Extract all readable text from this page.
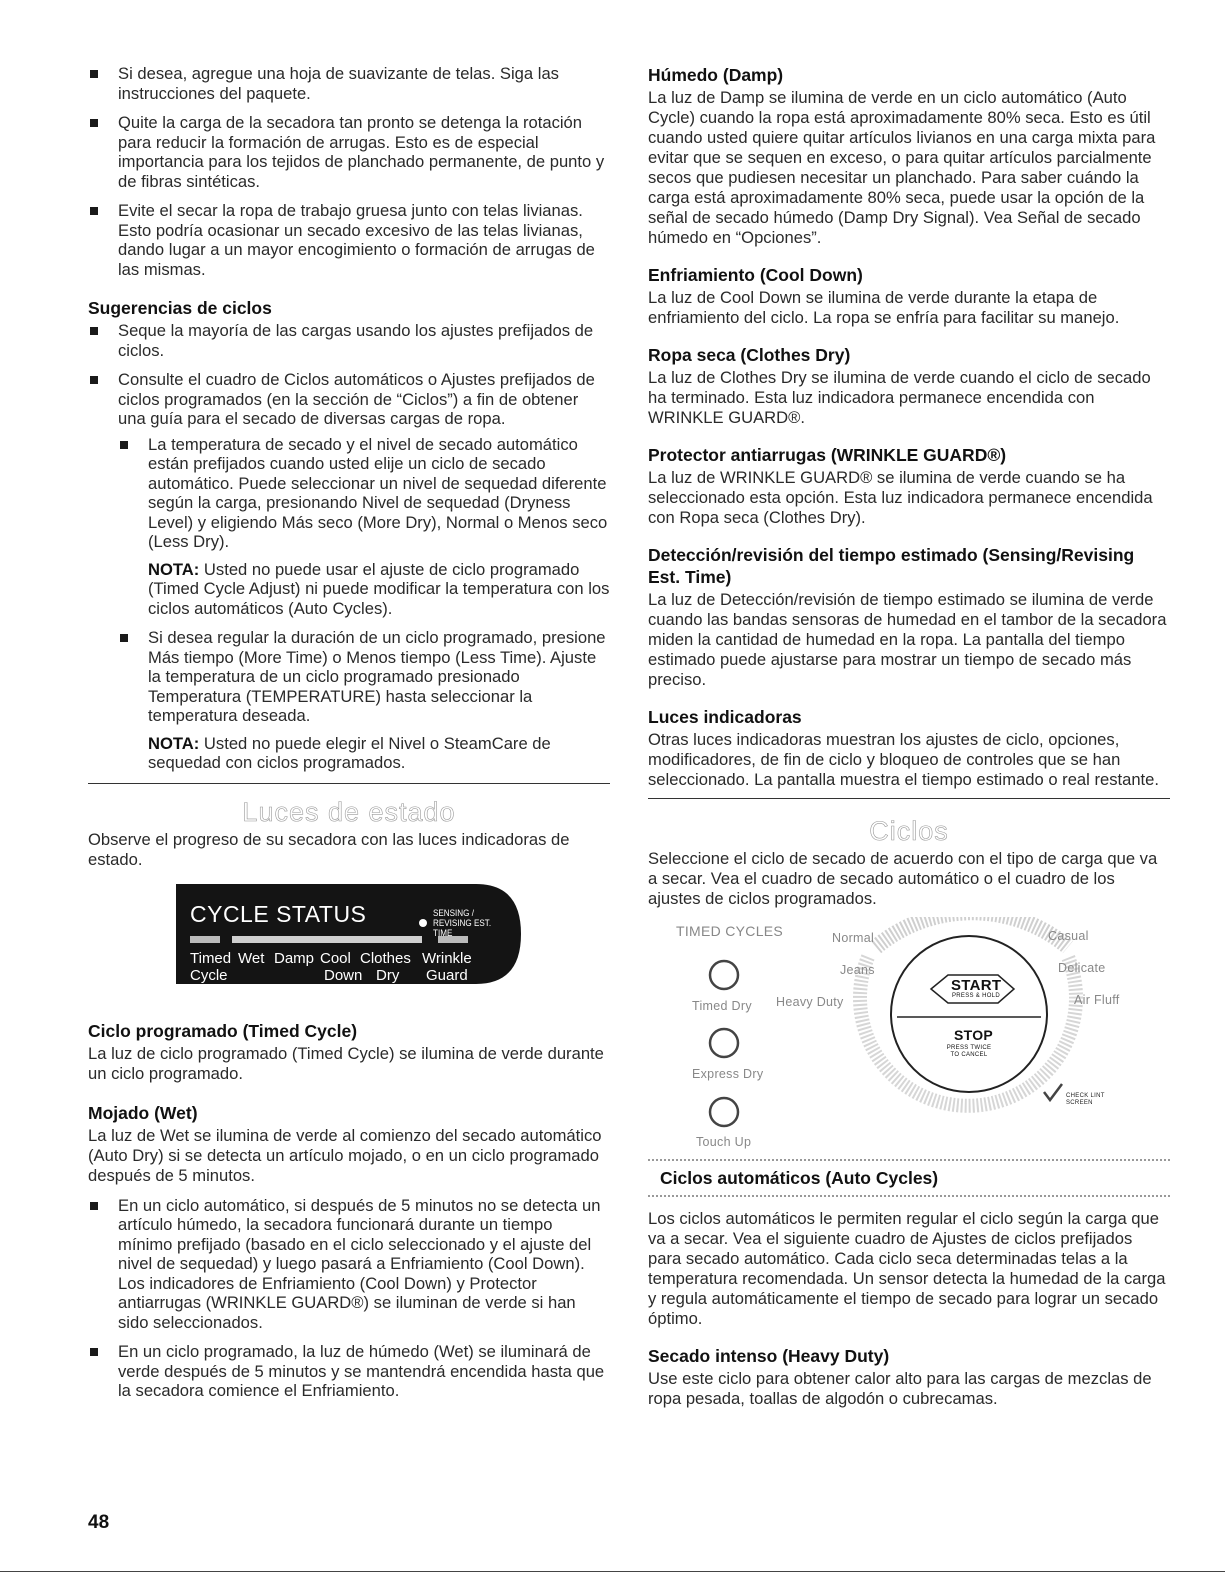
Si desea, agregue una hoja de suavizante de telas. Siga las instrucciones del paquete.
Quite la carga de la secadora tan pronto se detenga la rotación para reducir la formación de arrugas. Esto es de especial importancia para los tejidos de planchado permanente, de punto y de fibras sintéticas.
Evite el secar la ropa de trabajo gruesa junto con telas livianas. Esto podría ocasionar un secado excesivo de las telas livianas, dando lugar a un mayor encogimiento o formación de arrugas de las mismas.
Sugerencias de ciclos
Seque la mayoría de las cargas usando los ajustes prefijados de ciclos.
Consulte el cuadro de Ciclos automáticos o Ajustes prefijados de ciclos programados (en la sección de “Ciclos”) a fin de obtener una guía para el secado de diversas cargas de ropa.
La temperatura de secado y el nivel de secado automático están prefijados cuando usted elije un ciclo de secado automático. Puede seleccionar un nivel de sequedad diferente según la carga, presionando Nivel de sequedad (Dryness Level) y eligiendo Más seco (More Dry), Normal o Menos seco (Less Dry).
NOTA: Usted no puede usar el ajuste de ciclo programado (Timed Cycle Adjust) ni puede modificar la temperatura con los ciclos automáticos (Auto Cycles).
Si desea regular la duración de un ciclo programado, presione Más tiempo (More Time) o Menos tiempo (Less Time). Ajuste la temperatura de un ciclo programado presionado Temperatura (TEMPERATURE) hasta seleccionar la temperatura deseada.
NOTA: Usted no puede elegir el Nivel o SteamCare de sequedad con ciclos programados.
Luces de estado

Observe el progreso de su secadora con las luces indicadoras de estado.

CYCLE STATUS	SENSING /
REVISING EST. TIME
Timed Wet Damp Cool Clothes Wrinkle
Cycle	Down Dry Guard
Ciclo programado (Timed Cycle)

La luz de ciclo programado (Timed Cycle) se ilumina de verde durante un ciclo programado.

Mojado (Wet)

La luz de Wet se ilumina de verde al comienzo del secado automático (Auto Dry) si se detecta un artículo mojado, o en un ciclo programado después de 5 minutos.

En un ciclo automático, si después de 5 minutos no se detecta un artículo húmedo, la secadora funcionará durante un tiempo mínimo prefijado (basado en el ciclo seleccionado y el ajuste del nivel de sequedad) y luego pasará a Enfriamiento (Cool Down). Los indicadores de Enfriamiento (Cool Down) y Protector antiarrugas (WRINKLE GUARD®) se iluminan de verde si han sido seleccionados.
En un ciclo programado, la luz de húmedo (Wet) se iluminará de verde después de 5 minutos y se mantendrá encendida hasta que la secadora comience el Enfriamiento.
Húmedo (Damp)

La luz de Damp se ilumina de verde en un ciclo automático (Auto Cycle) cuando la ropa está aproximadamente 80% seca. Esto es útil cuando usted quiere quitar artículos livianos en una carga mixta para evitar que se sequen en exceso, o para quitar artículos parcialmente secos que pudiesen necesitar un planchado. Para saber cuándo la carga está aproximadamente 80% seca, puede usar la opción de la señal de secado húmedo (Damp Dry Signal). Vea Señal de secado húmedo en “Opciones”.

Enfriamiento (Cool Down)

La luz de Cool Down se ilumina de verde durante la etapa de enfriamiento del ciclo. La ropa se enfría para facilitar su manejo.

Ropa seca (Clothes Dry)

La luz de Clothes Dry se ilumina de verde cuando el ciclo de secado ha terminado. Esta luz indicadora permanece encendida con WRINKLE GUARD®.

Protector antiarrugas (WRINKLE GUARD®)

La luz de WRINKLE GUARD® se ilumina de verde cuando se ha seleccionado esta opción. Esta luz indicadora permanece encendida con Ropa seca (Clothes Dry).

Detección/revisión del tiempo estimado (Sensing/Revising Est. Time)

La luz de Detección/revisión de tiempo estimado se ilumina de verde cuando las bandas sensoras de humedad en el tambor de la secadora miden la cantidad de humedad en la ropa. La pantalla del tiempo estimado puede ajustarse para mostrar un tiempo de secado más preciso.

Luces indicadoras

Otras luces indicadoras muestran los ajustes de ciclo, opciones, modificadores, de fin de ciclo y bloqueo de controles que se han seleccionado. La pantalla muestra el tiempo estimado o real restante.

Ciclos

Seleccione el ciclo de secado de acuerdo con el tipo de carga que va a secar. Vea el cuadro de secado automático o el cuadro de los ajustes de ciclos programados.

TIMED CYCLES
Timed Dry
Express Dry
Touch Up
Normal
Jeans
Heavy Duty
Casual
Delicate
Air Fluff
START
PRESS & HOLD
STOP
PRESS TWICE TO CANCEL
CHECK LINT SCREEN
Ciclos automáticos (Auto Cycles)

Los ciclos automáticos le permiten regular el ciclo según la carga que va a secar. Vea el siguiente cuadro de Ajustes de ciclos prefijados para secado automático. Cada ciclo seca determinadas telas a la temperatura recomendada. Un sensor detecta la humedad de la carga y regula automáticamente el tiempo de secado para lograr un secado óptimo.

Secado intenso (Heavy Duty)

Use este ciclo para obtener calor alto para las cargas de mezclas de ropa pesada, toallas de algodón o cubrecamas.

48
